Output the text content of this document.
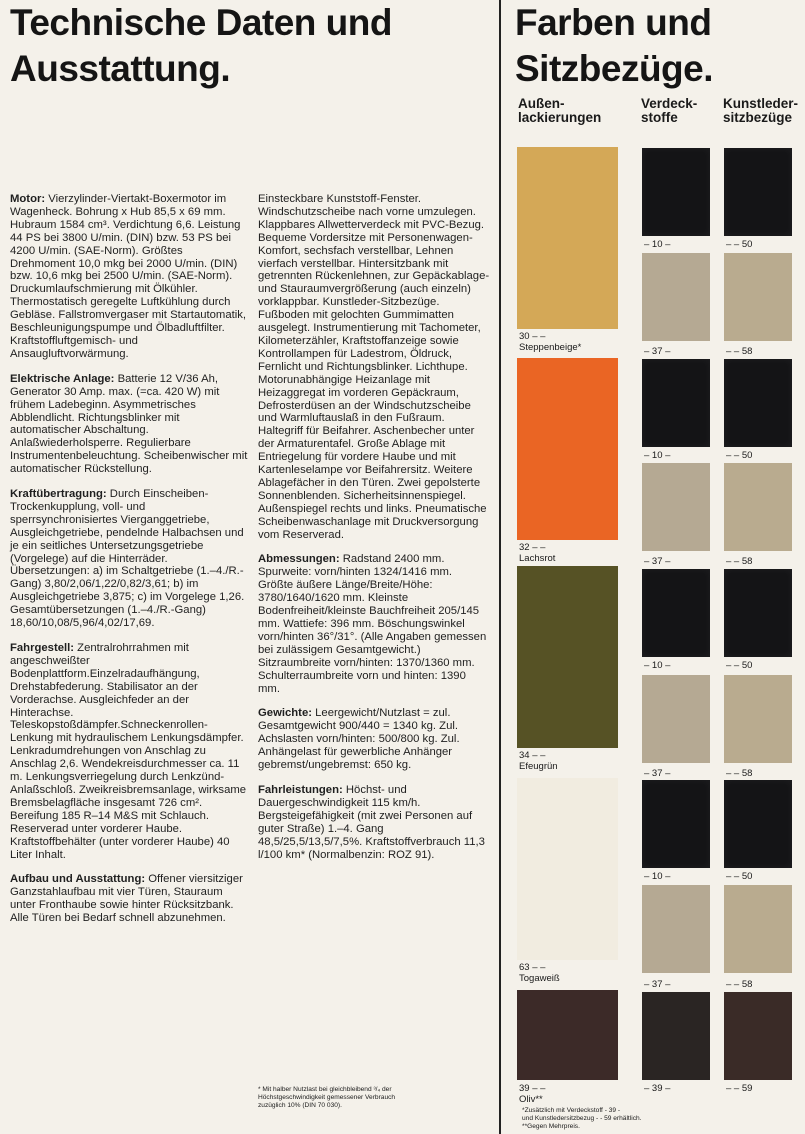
Technische Daten und Ausstattung.
Farben und Sitzbezüge.

Motor: Vierzylinder-Viertakt-Boxermotor im Wagenheck. Bohrung x Hub 85,5 x 69 mm. Hubraum 1584 cm³. Verdichtung 6,6. Leistung 44 PS bei 3800 U/min. (DIN) bzw. 53 PS bei 4200 U/min. (SAE-Norm). Größtes Drehmoment 10,0 mkg bei 2000 U/min. (DIN) bzw. 10,6 mkg bei 2500 U/min. (SAE-Norm). Druckumlaufschmierung mit Ölkühler. Thermostatisch geregelte Luftkühlung durch Gebläse. Fallstromvergaser mit Startautomatik, Beschleunigungspumpe und Ölbadluftfilter. Kraftstoffluftgemisch- und Ansaugluftvorwärmung.

Elektrische Anlage: Batterie 12 V/36 Ah, Generator 30 Amp. max. (=ca. 420 W) mit frühem Ladebeginn. Asymmetrisches Abblendlicht. Richtungsblinker mit automatischer Abschaltung. Anlaßwiederholsperre. Regulierbare Instrumentenbeleuchtung. Scheibenwischer mit automatischer Rückstellung.

Kraftübertragung: Durch Einscheiben-Trockenkupplung, voll- und sperrsynchronisiertes Vierganggetriebe, Ausgleichgetriebe, pendelnde Halbachsen und je ein seitliches Untersetzungsgetriebe (Vorgelege) auf die Hinterräder. Übersetzungen: a) im Schaltgetriebe (1.–4./R.-Gang) 3,80/2,06/1,22/0,82/3,61; b) im Ausgleichgetriebe 3,875; c) im Vorgelege 1,26. Gesamtübersetzungen (1.–4./R.-Gang) 18,60/10,08/5,96/4,02/17,69.

Fahrgestell: Zentralrohrrahmen mit angeschweißter Bodenplattform.Einzelradaufhängung, Drehstabfederung. Stabilisator an der Vorderachse. Ausgleichfeder an der Hinterachse. Teleskopstoßdämpfer.Schneckenrollen-Lenkung mit hydraulischem Lenkungsdämpfer. Lenkradumdrehungen von Anschlag zu Anschlag 2,6. Wendekreisdurchmesser ca. 11 m. Lenkungsverriegelung durch Lenkzünd-Anlaßschloß. Zweikreisbremsanlage, wirksame Bremsbelagfläche insgesamt 726 cm². Bereifung 185 R–14 M&S mit Schlauch. Reserverad unter vorderer Haube. Kraftstoffbehälter (unter vorderer Haube) 40 Liter Inhalt.

Aufbau und Ausstattung: Offener viersitziger Ganzstahlaufbau mit vier Türen, Stauraum unter Fronthaube sowie hinter Rücksitzbank. Alle Türen bei Bedarf schnell abzunehmen.

Einsteckbare Kunststoff-Fenster. Windschutzscheibe nach vorne umzulegen. Klappbares Allwetterverdeck mit PVC-Bezug. Bequeme Vordersitze mit Personenwagen-Komfort, sechsfach verstellbar, Lehnen vierfach verstellbar. Hintersitzbank mit getrennten Rückenlehnen, zur Gepäckablage- und Stauraumvergrößerung (auch einzeln) vorklappbar. Kunstleder-Sitzbezüge. Fußboden mit gelochten Gummimatten ausgelegt. Instrumentierung mit Tachometer, Kilometerzähler, Kraftstoffanzeige sowie Kontrollampen für Ladestrom, Öldruck, Fernlicht und Richtungsblinker. Lichthupe. Motorunabhängige Heizanlage mit Heizaggregat im vorderen Gepäckraum, Defrosterdüsen an der Windschutzscheibe und Warmluftauslaß in den Fußraum. Haltegriff für Beifahrer. Aschenbecher unter der Armaturentafel. Große Ablage mit Entriegelung für vordere Haube und mit Kartenleselampe vor Beifahrersitz. Weitere Ablagefächer in den Türen. Zwei gepolsterte Sonnenblenden. Sicherheitsinnenspiegel. Außenspiegel rechts und links. Pneumatische Scheibenwaschanlage mit Druckversorgung vom Reserverad.

Abmessungen: Radstand 2400 mm. Spurweite: vorn/hinten 1324/1416 mm. Größte äußere Länge/Breite/Höhe: 3780/1640/1620 mm. Kleinste Bodenfreiheit/kleinste Bauchfreiheit 205/145 mm. Wattiefe: 396 mm. Böschungswinkel vorn/hinten 36°/31°. (Alle Angaben gemessen bei zulässigem Gesamtgewicht.) Sitzraumbreite vorn/hinten: 1370/1360 mm. Schulterraumbreite vorn und hinten: 1390 mm.

Gewichte: Leergewicht/Nutzlast = zul. Gesamtgewicht 900/440 = 1340 kg. Zul. Achslasten vorn/hinten: 500/800 kg. Zul. Anhängelast für gewerbliche Anhänger gebremst/ungebremst: 650 kg.

Fahrleistungen: Höchst- und Dauergeschwindigkeit 115 km/h. Bergsteigefähigkeit (mit zwei Personen auf guter Straße) 1.–4. Gang 48,5/25,5/13,5/7,5%. Kraftstoffverbrauch 11,3 l/100 km* (Normalbenzin: ROZ 91).

* Mit halber Nutzlast bei gleichbleibend ³/₄ der
Höchstgeschwindigkeit gemessener Verbrauch
zuzüglich 10% (DIN 70 030).
Außen-
lackierungen
Verdeck-
stoffe
Kunstleder-
sitzbezüge
30 – –
Steppenbeige*
32 – –
Lachsrot
34 – –
Efeugrün
63 – –
Togaweiß
39 – –
Oliv**
– 10 –
– 37 –
– 10 –
– 37 –
– 10 –
– 37 –
– 10 –
– 37 –
– 39 –
– – 50
– – 58
– – 50
– – 58
– – 50
– – 58
– – 50
– – 58
– – 59
*Zusätzlich mit Verdeckstoff - 39 -
und Kunstledersitzbezug - - 59 erhältlich.
**Gegen Mehrpreis.
